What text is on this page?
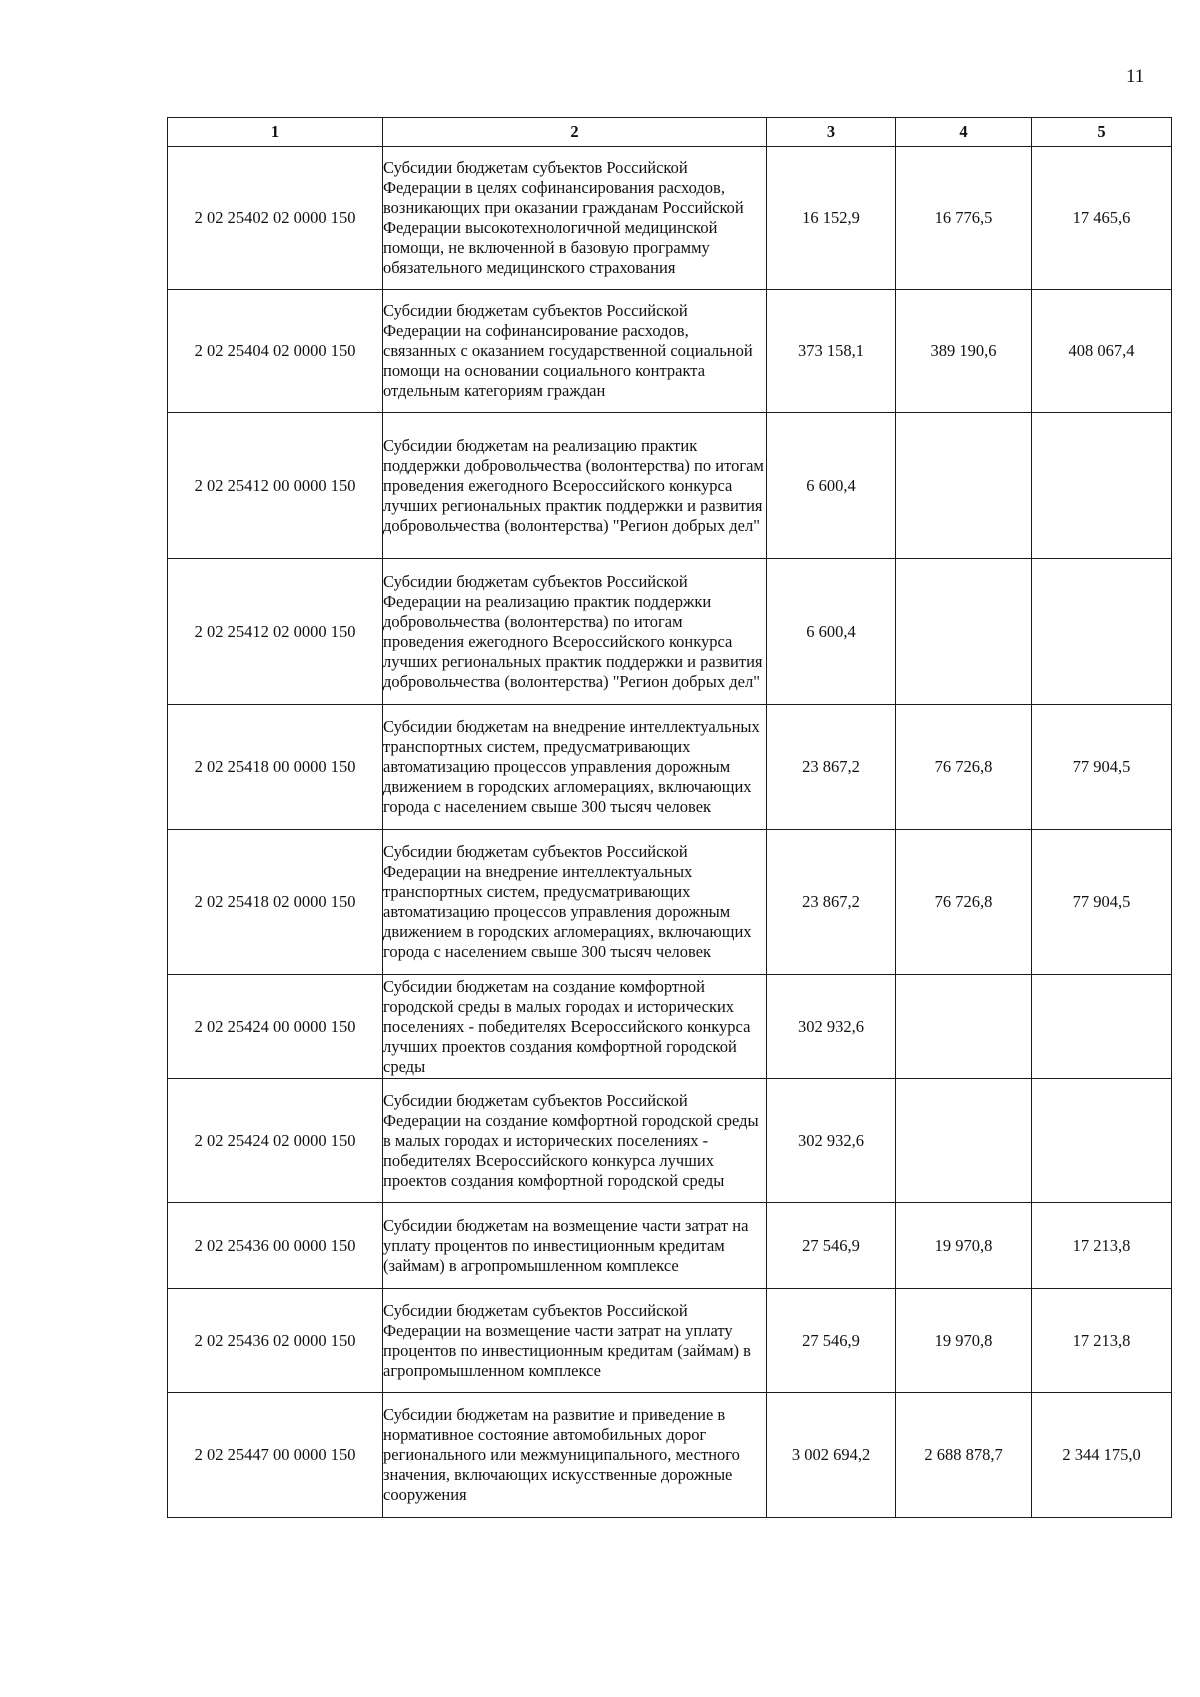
11
1	2	3	4	5
2 02 25402 02 0000 150	Субсидии бюджетам субъектов Российской Федерации в целях софинансирования расходов, возникающих при оказании гражданам Российской Федерации высокотехнологичной медицинской помощи, не включенной в базовую программу обязательного медицинского страхования	16 152,9	16 776,5	17 465,6
2 02 25404 02 0000 150	Субсидии бюджетам субъектов Российской Федерации на софинансирование расходов, связанных с оказанием государственной социальной помощи на основании социального контракта отдельным категориям граждан	373 158,1	389 190,6	408 067,4
2 02 25412 00 0000 150	Субсидии бюджетам на реализацию практик поддержки добровольчества (волонтерства) по итогам проведения ежегодного Всероссийского конкурса лучших региональных практик поддержки и развития добровольчества (волонтерства) "Регион добрых дел"	6 600,4		
2 02 25412 02 0000 150	Субсидии бюджетам субъектов Российской Федерации на реализацию практик поддержки добровольчества (волонтерства) по итогам проведения ежегодного Всероссийского конкурса лучших региональных практик поддержки и развития добровольчества (волонтерства) "Регион добрых дел"	6 600,4		
2 02 25418 00 0000 150	Субсидии бюджетам на внедрение интеллектуальных транспортных систем, предусматривающих автоматизацию процессов управления дорожным движением в городских агломерациях, включающих города с населением свыше 300 тысяч человек	23 867,2	76 726,8	77 904,5
2 02 25418 02 0000 150	Субсидии бюджетам субъектов Российской Федерации на внедрение интеллектуальных транспортных систем, предусматривающих автоматизацию процессов управления дорожным движением в городских агломерациях, включающих города с населением свыше 300 тысяч человек	23 867,2	76 726,8	77 904,5
2 02 25424 00 0000 150	Субсидии бюджетам на создание комфортной городской среды в малых городах и исторических поселениях - победителях Всероссийского конкурса лучших проектов создания комфортной городской среды	302 932,6		
2 02 25424 02 0000 150	Субсидии бюджетам субъектов Российской Федерации на создание комфортной городской среды в малых городах и исторических поселениях - победителях Всероссийского конкурса лучших проектов создания комфортной городской среды	302 932,6		
2 02 25436 00 0000 150	Субсидии бюджетам на возмещение части затрат на уплату процентов по инвестиционным кредитам (займам) в агропромышленном комплексе	27 546,9	19 970,8	17 213,8
2 02 25436 02 0000 150	Субсидии бюджетам субъектов Российской Федерации на возмещение части затрат на уплату процентов по инвестиционным кредитам (займам) в агропромышленном комплексе	27 546,9	19 970,8	17 213,8
2 02 25447 00 0000 150	Субсидии бюджетам на развитие и приведение в нормативное состояние автомобильных дорог регионального или межмуниципального, местного значения, включающих искусственные дорожные сооружения	3 002 694,2	2 688 878,7	2 344 175,0
